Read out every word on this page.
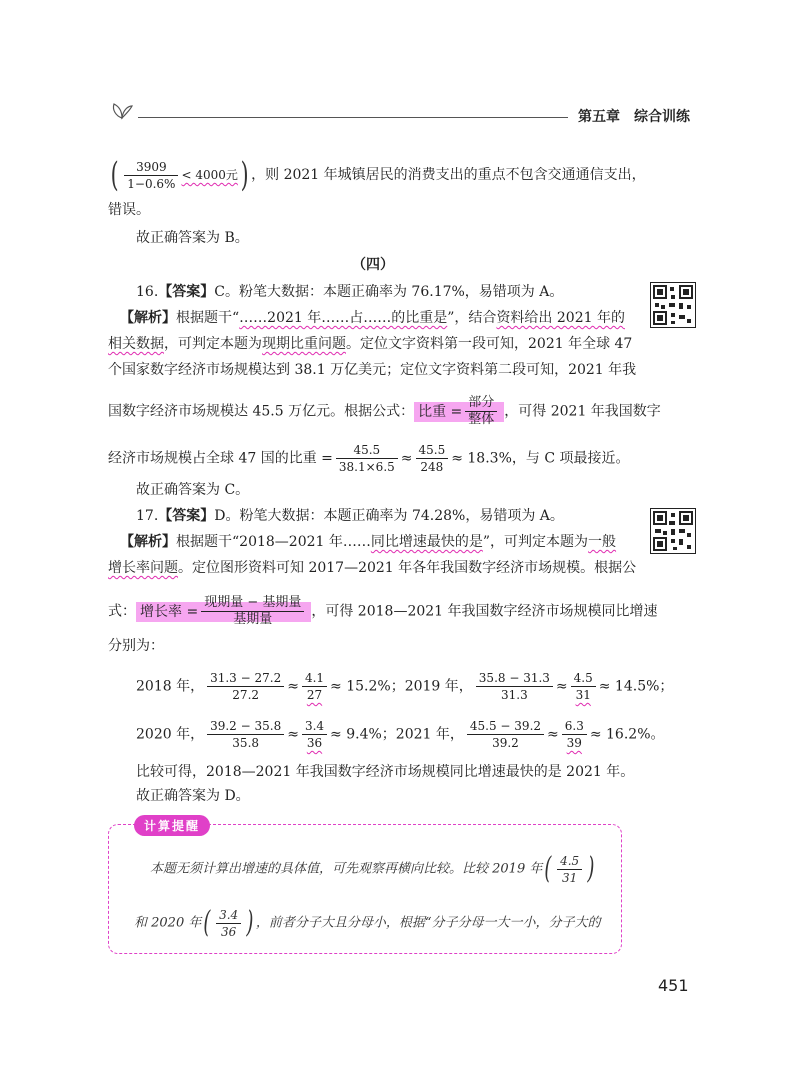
第五章 综合训练
( $\frac{3909}{1-0.6\%} < 4000$元) ，则 2021 年城镇居民的消费支出的重点不包含交通通信支出，
错误。
故正确答案为 B。
（四）
16.【答案】C。粉笔大数据：本题正确率为 76.17%，易错项为 A。
【解析】根据题干“……2021 年……占……的比重是”，结合资料给出 2021 年的
相关数据，可判定本题为现期比重问题。定位文字资料第一段可知，2021 年全球 47
个国家数字经济市场规模达到 38.1 万亿美元；定位文字资料第二段可知，2021 年我
国数字经济市场规模达 45.5 万亿元。根据公式： 比重 = $\frac{\text{部分}}{\text{整体}}$ ，可得 2021 年我国数字
经济市场规模占全球 47 国的比重 = $\frac{45.5}{38.1\times 6.5} \approx \frac{45.5}{248} \approx 18.3\%$，与 C 项最接近。
故正确答案为 C。
17.【答案】D。粉笔大数据：本题正确率为 74.28%，易错项为 A。
【解析】根据题干“2018—2021 年……同比增速最快的是”，可判定本题为一般
增长率问题。定位图形资料可知 2017—2021 年各年我国数字经济市场规模。根据公
式： 增长率 = $\frac{\text{现期量 − 基期量}}{\text{基期量}}$ ，可得 2018—2021 年我国数字经济市场规模同比增速
分别为：
2018 年， $\frac{31.3 - 27.2}{27.2} \approx \frac{4.1}{27} \approx 15.2\%$；2019 年， $\frac{35.8 - 31.3}{31.3} \approx \frac{4.5}{31} \approx 14.5\%$；
2020 年， $\frac{39.2 - 35.8}{35.8} \approx \frac{3.4}{36} \approx 9.4\%$；2021 年， $\frac{45.5 - 39.2}{39.2} \approx \frac{6.3}{39} \approx 16.2\%$。
比较可得，2018—2021 年我国数字经济市场规模同比增速最快的是 2021 年。
故正确答案为 D。
计算提醒
本题无须计算出增速的具体值，可先观察再横向比较。比较 2019 年( $\frac{4.5}{31}$ )
和 2020 年( $\frac{3.4}{36}$ ) ，前者分子大且分母小，根据“分子分母一大一小，分子大的
451
